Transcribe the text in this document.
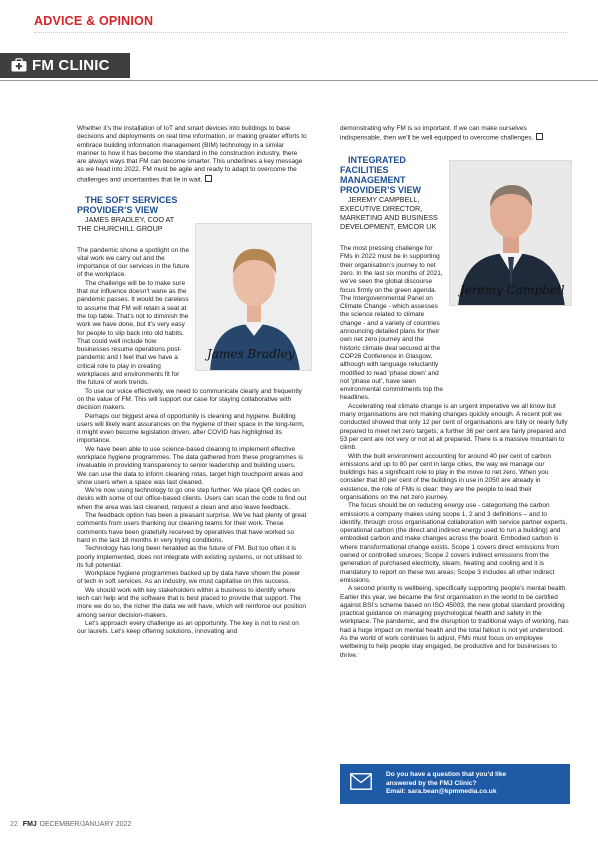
ADVICE & OPINION
FM CLINIC

Whether it’s the installation of IoT and smart devices into buildings to base decisions and deployments on real time information, or making greater efforts to embrace building information management (BIM) technology in a similar manner to how it has become the standard in the construction industry, there are always ways that FM can become smarter. This underlines a key message as we head into 2022. FM must be agile and ready to adapt to overcome the challenges and uncertainties that lie in wait.

THE SOFT SERVICES
PROVIDER’S VIEW

JAMES BRADLEY, COO AT THE CHURCHILL GROUP

The pandemic shone a spotlight on the vital work we carry out and the importance of our services in the future of the workplace.

The challenge will be to make sure that our influence doesn’t wane as the pandemic passes. It would be careless to assume that FM will retain a seat at the top table. That’s not to diminish the work we have done, but it’s very easy for people to slip back into old habits. That could well include how businesses resume operations post-pandemic and I feel that we have a critical role to play in creating workplaces and environments fit for the future of work trends.

To use our voice effectively, we need to communicate clearly and frequently on the value of FM. This will support our case for staying collaborative with decision makers.

Perhaps our biggest area of opportunity is cleaning and hygiene. Building users will likely want assurances on the hygiene of their space in the long-term, it might even become legislation driven, after COVID has highlighted its importance.

We have been able to use science-based cleaning to implement effective workplace hygiene programmes. The data gathered from these programmes is invaluable in providing transparency to senior leadership and building users. We can use the data to inform cleaning rotas, target high touchpoint areas and show users when a space was last cleaned.

We’re now using technology to go one step further. We place QR codes on desks with some of our office-based clients. Users can scan the code to find out when the area was last cleaned, request a clean and also leave feedback.

The feedback option has been a pleasant surprise. We’ve had plenty of great comments from users thanking our cleaning teams for their work. These comments have been gratefully received by operatives that have worked so hard in the last 18 months in very trying conditions.

Technology has long been heralded as the future of FM. But too often it is poorly implemented, does not integrate with existing systems, or not utilised to its full potential.

Workplace hygiene programmes backed up by data have shown the power of tech in soft services. As an industry, we must capitalise on this success.

We should work with key stakeholders within a business to identify where tech can help and the software that is best placed to provide that support. The more we do so, the richer the data we will have, which will reinforce our position among senior decision-makers.

Let’s approach every challenge as an opportunity. The key is not to rest on our laurels. Let’s keep offering solutions, innovating and

James Bradley

demonstrating why FM is so important. If we can make ourselves indispensable, then we’ll be well equipped to overcome challenges.

INTEGRATED
FACILITIES
MANAGEMENT
PROVIDER’S VIEW

JEREMY CAMPBELL, EXECUTIVE DIRECTOR, MARKETING AND BUSINESS DEVELOPMENT, EMCOR UK

The most pressing challenge for FMs in 2022 must be in supporting their organisation’s journey to net zero. In the last six months of 2021, we’ve seen the global discourse focus firmly on the green agenda. The Intergovernmental Panel on Climate Change - which assesses the science related to climate change - and a variety of countries announcing detailed plans for their own net zero journey and the historic climate deal secured at the COP26 Conference in Glasgow, although with language reluctantly modified to read ‘phase down’ and not ‘phase out’, have seen environmental commitments top the headlines.

Accelerating real climate change is an urgent imperative we all know but many organisations are not making changes quickly enough. A recent poll we conducted showed that only 12 per cent of organisations are fully or nearly fully prepared to meet net zero targets; a further 36 per cent are fairly prepared and 53 per cent are not very or not at all prepared. There is a massive mountain to climb.

With the built environment accounting for around 40 per cent of carbon emissions and up to 80 per cent in large cities, the way we manage our buildings has a significant role to play in the move to net zero. When you consider that 80 per cent of the buildings in use in 2050 are already in existence, the role of FMs is clear: they are the people to lead their organisations on the net zero journey.

The focus should be on reducing energy use - categorising the carbon emissions a company makes using scope 1, 2 and 3 definitions – and to identify, through cross organisational collaboration with service partner experts, operational carbon (the direct and indirect energy used to run a building) and embodied carbon and make changes across the board. Embodied carbon is where transformational change exists. Scope 1 covers direct emissions from owned or controlled sources; Scope 2 covers indirect emissions from the generation of purchased electricity, steam, heating and cooling and it is mandatory to report on these two areas; Scope 3 includes all other indirect emissions.

A second priority is wellbeing, specifically supporting people’s mental health. Earlier this year, we became the first organisation in the world to be certified against BSI’s scheme based on ISO 45003, the new global standard providing practical guidance on managing psychological health and safety in the workplace. The pandemic, and the disruption to traditional ways of working, has had a huge impact on mental health and the total fallout is not yet understood. As the world of work continues to adjust, FMs must focus on employee wellbeing to help people stay engaged, be productive and for businesses to thrive.

Jeremy Campbell
Do you have a question that you’d like
answered by the FMJ Clinic?
Email: sara.bean@kpmmedia.co.uk
22 FMJ DECEMBER/JANUARY 2022
